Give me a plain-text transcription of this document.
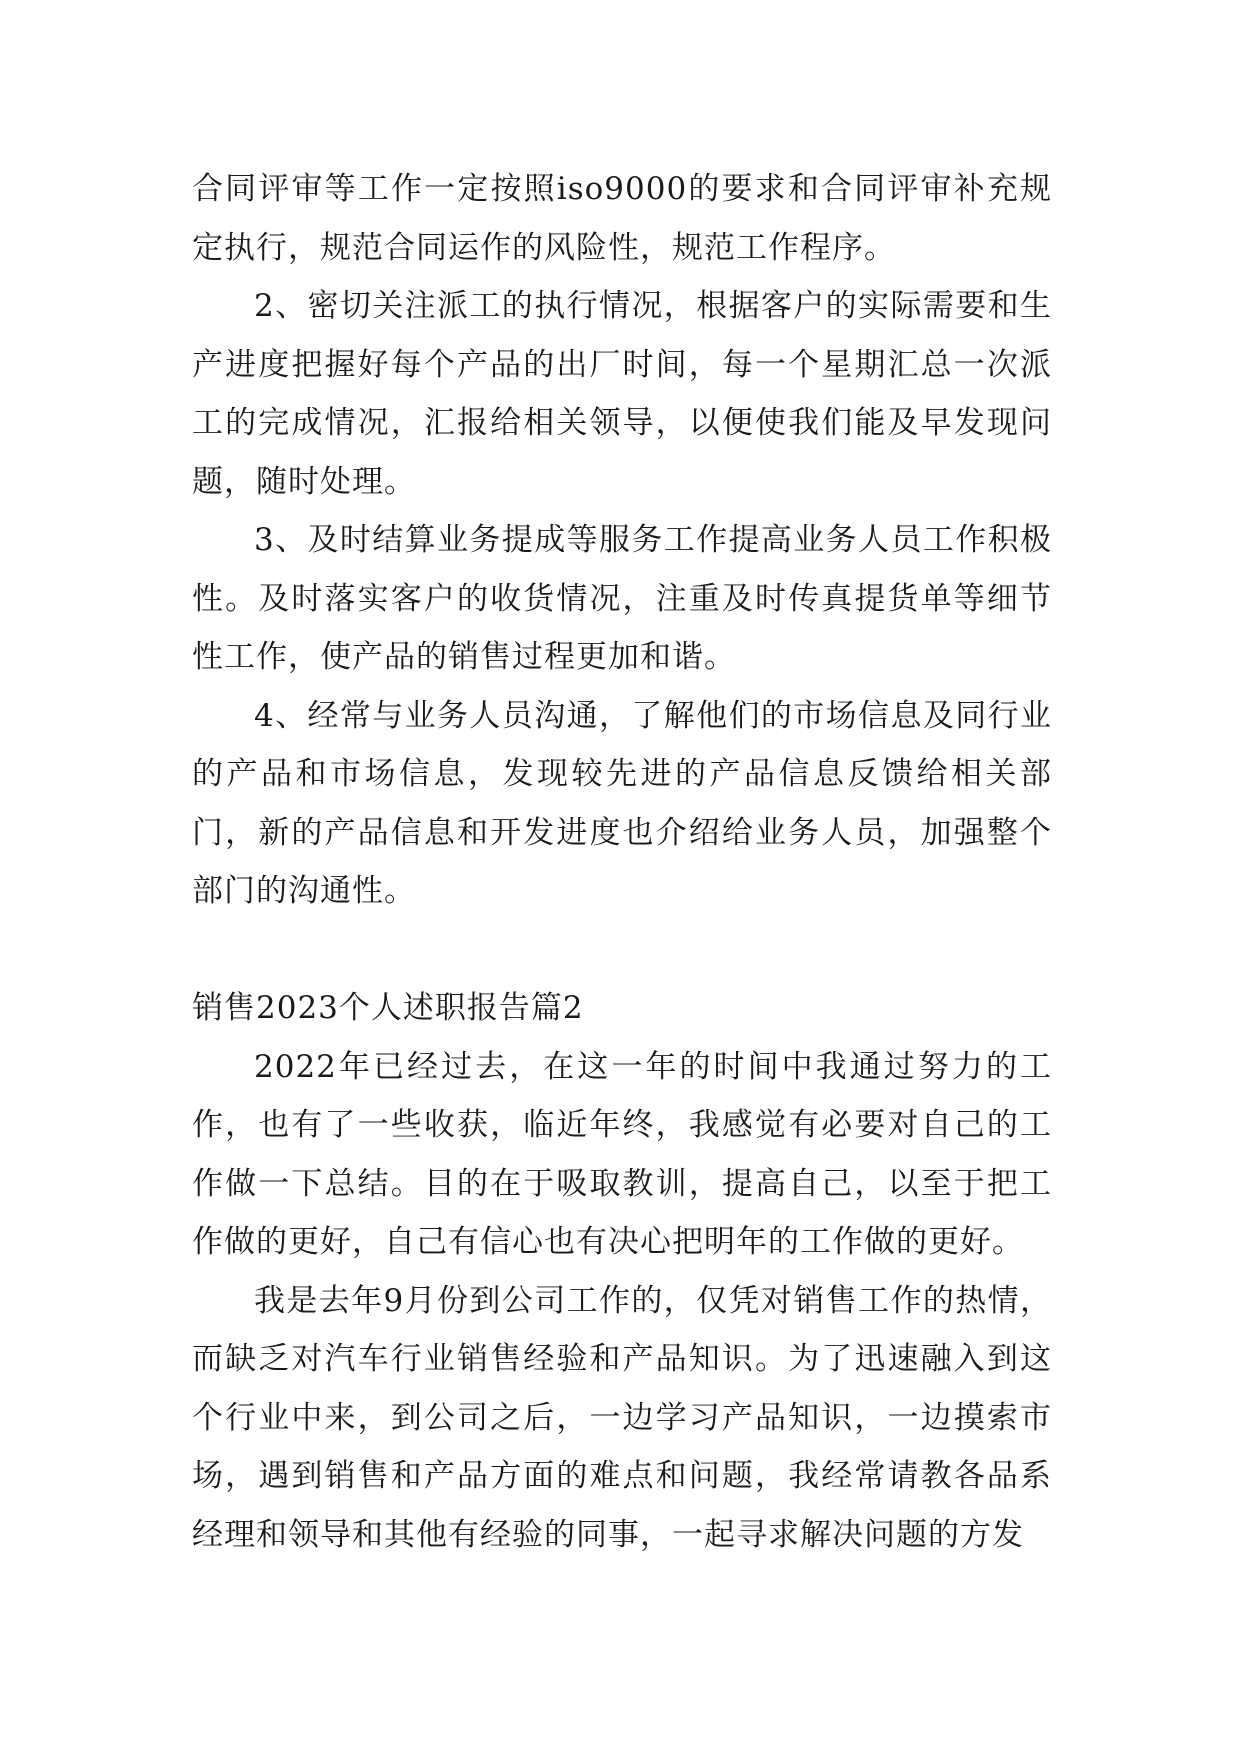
合同评审等工作一定按照iso9000的要求和合同评审补充规定执行，规范合同运作的风险性，规范工作程序。

2、密切关注派工的执行情况，根据客户的实际需要和生产进度把握好每个产品的出厂时间，每一个星期汇总一次派工的完成情况，汇报给相关领导，以便使我们能及早发现问题，随时处理。

3、及时结算业务提成等服务工作提高业务人员工作积极性。及时落实客户的收货情况，注重及时传真提货单等细节性工作，使产品的销售过程更加和谐。

4、经常与业务人员沟通，了解他们的市场信息及同行业的产品和市场信息，发现较先进的产品信息反馈给相关部门，新的产品信息和开发进度也介绍给业务人员，加强整个部门的沟通性。

销售2023个人述职报告篇2

2022年已经过去，在这一年的时间中我通过努力的工作，也有了一些收获，临近年终，我感觉有必要对自己的工作做一下总结。目的在于吸取教训，提高自己，以至于把工作做的更好，自己有信心也有决心把明年的工作做的更好。

我是去年9月份到公司工作的，仅凭对销售工作的热情，而缺乏对汽车行业销售经验和产品知识。为了迅速融入到这个行业中来，到公司之后，一边学习产品知识，一边摸索市场，遇到销售和产品方面的难点和问题，我经常请教各品系经理和领导和其他有经验的同事，一起寻求解决问题的方发
